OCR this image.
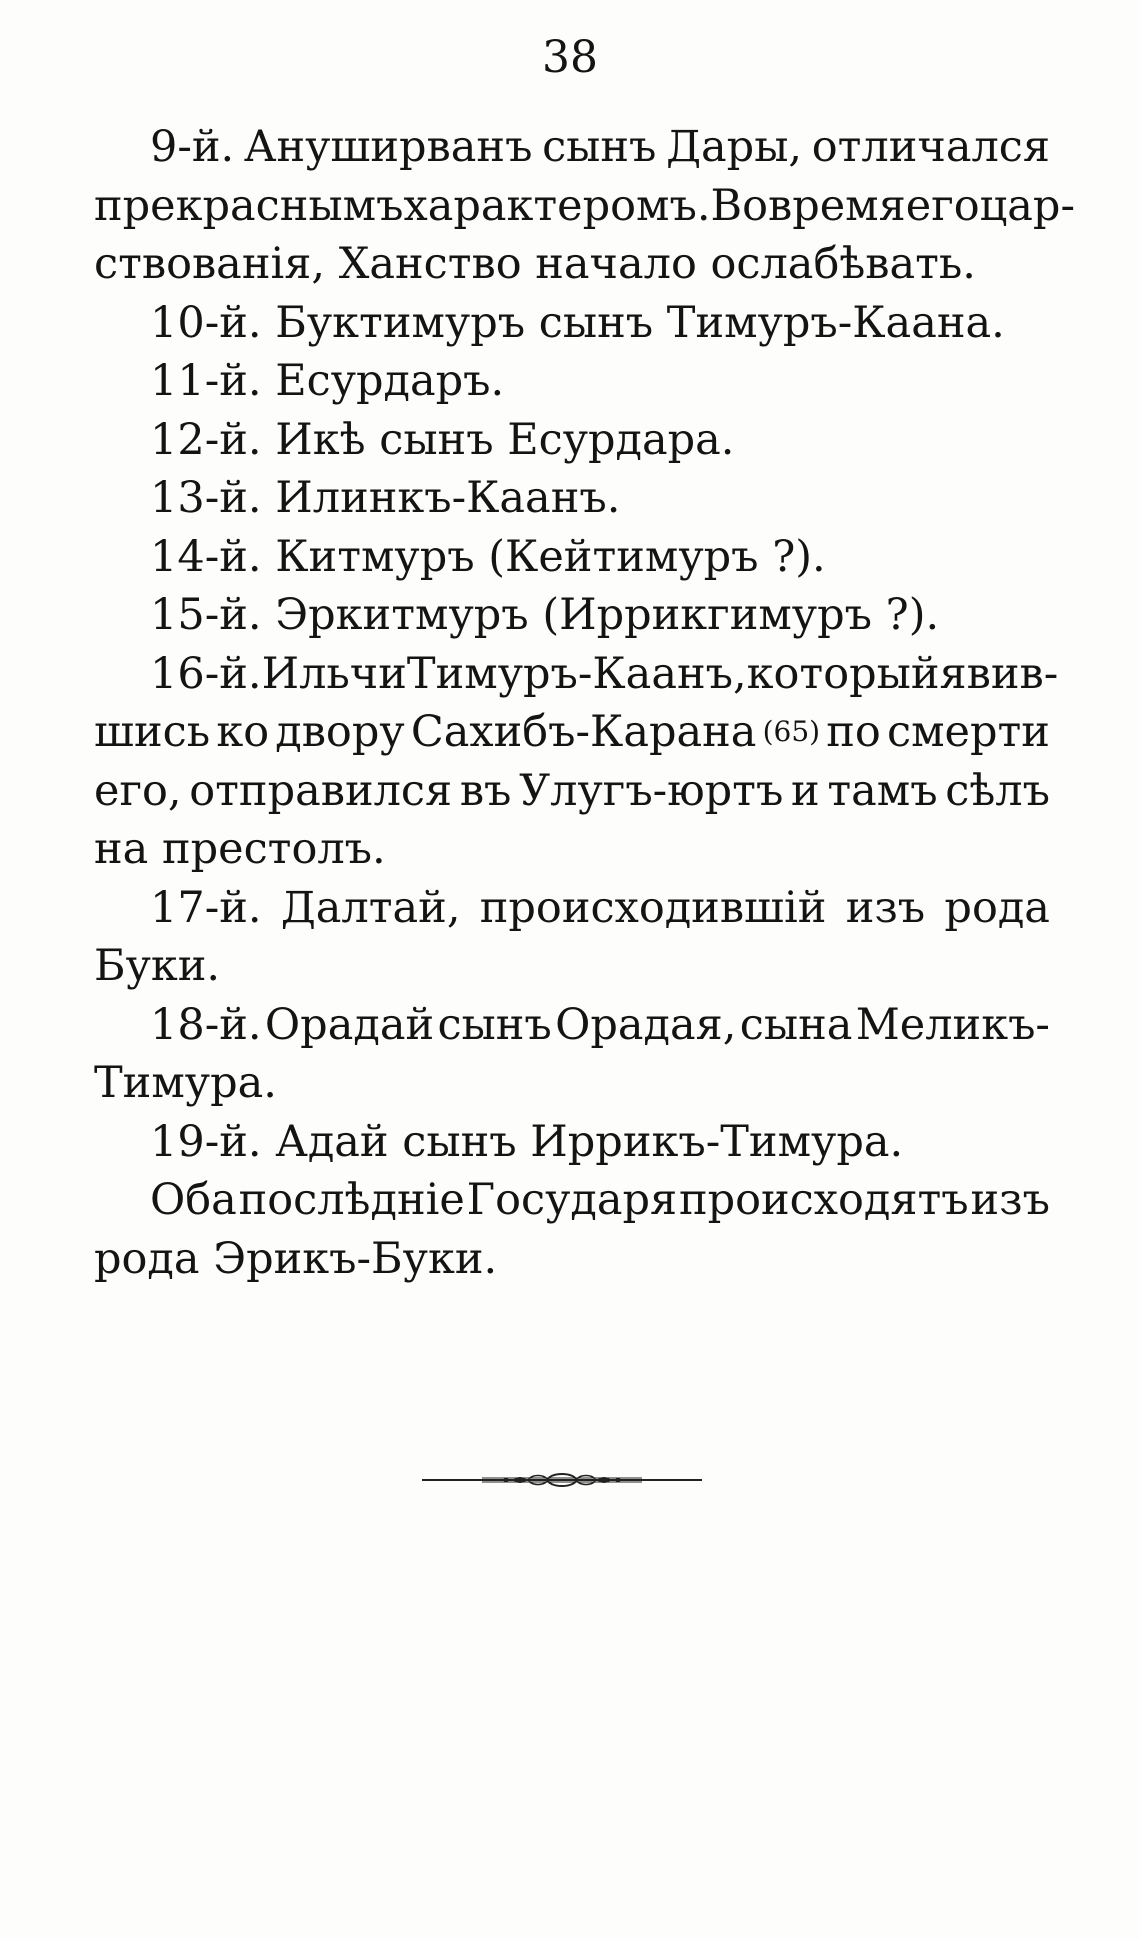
38
9-й. Ануширванъ сынъ Дары, отличался
прекраснымъ характеромъ. Во время его цар-
ствованія, Ханство начало ослабѣвать.
10-й. Буктимуръ сынъ Тимуръ-Каана.
11-й. Есурдаръ.
12-й. Икѣ сынъ Есурдара.
13-й. Илинкъ-Каанъ.
14-й. Китмуръ (Кейтимуръ ?).
15-й. Эркитмуръ (Иррикгимуръ ?).
16-й. Ильчи Тимуръ-Каанъ, который явив-
шись ко двору Сахибъ-Карана (65) по смерти
его, отправился въ Улугъ-юртъ и тамъ сѣлъ
на престолъ.
17-й. Далтай, происходившій изъ рода
Буки.
18-й. Орадай сынъ Орадая, сына Меликъ-
Тимура.
19-й. Адай сынъ Иррикъ-Тимура.
Оба послѣдніе Государя происходятъ изъ
рода Эрикъ-Буки.
